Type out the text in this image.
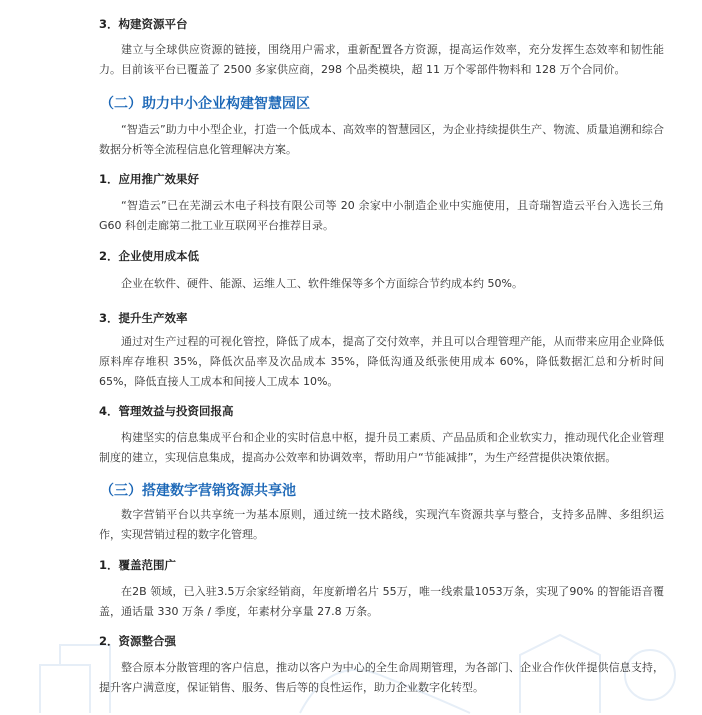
3．构建资源平台

建立与全球供应资源的链接，围绕用户需求，重新配置各方资源，提高运作效率，充分发挥生态效率和韧性能力。目前该平台已覆盖了 2500 多家供应商，298 个品类模块，超 11 万个零部件物料和 128 万个合同价。

（二）助力中小企业构建智慧园区

“智造云”助力中小型企业，打造一个低成本、高效率的智慧园区，为企业持续提供生产、物流、质量追溯和综合数据分析等全流程信息化管理解决方案。

1．应用推广效果好

“智造云”已在芜湖云木电子科技有限公司等 20 余家中小制造企业中实施使用，且奇瑞智造云平台入选长三角 G60 科创走廊第二批工业互联网平台推荐目录。

2．企业使用成本低

企业在软件、硬件、能源、运维人工、软件维保等多个方面综合节约成本约 50%。

3．提升生产效率

通过对生产过程的可视化管控，降低了成本，提高了交付效率，并且可以合理管理产能，从而带来应用企业降低原料库存堆积 35%，降低次品率及次品成本 35%，降低沟通及纸张使用成本 60%，降低数据汇总和分析时间 65%，降低直接人工成本和间接人工成本 10%。

4．管理效益与投资回报高

构建坚实的信息集成平台和企业的实时信息中枢，提升员工素质、产品品质和企业软实力，推动现代化企业管理制度的建立，实现信息集成，提高办公效率和协调效率，帮助用户“节能减排”，为生产经营提供决策依据。

（三）搭建数字营销资源共享池

数字营销平台以共享统一为基本原则，通过统一技术路线，实现汽车资源共享与整合，支持多品牌、多组织运作，实现营销过程的数字化管理。

1．覆盖范围广

在2B 领域，已入驻3.5万余家经销商，年度新增名片 55万，唯一线索量1053万条，实现了90% 的智能语音覆盖，通话量 330 万条 / 季度，年素材分享量 27.8 万条。

2．资源整合强

整合原本分散管理的客户信息，推动以客户为中心的全生命周期管理，为各部门、企业合作伙伴提供信息支持，提升客户满意度，保证销售、服务、售后等的良性运作，助力企业数字化转型。
